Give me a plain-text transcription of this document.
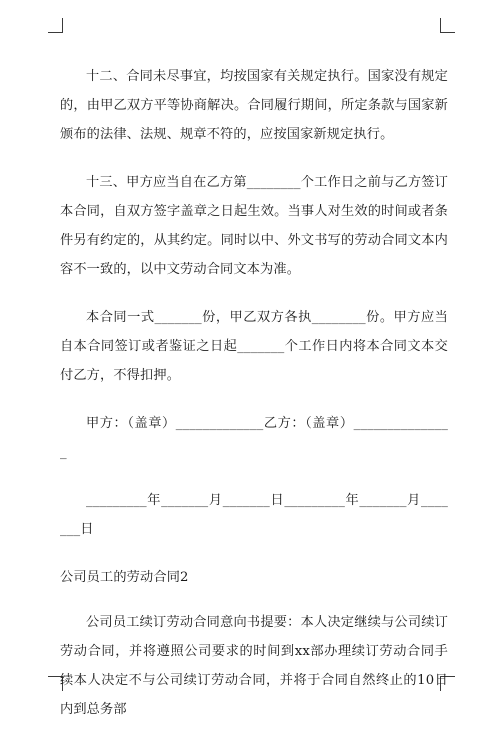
十二、合同未尽事宜，均按国家有关规定执行。国家没有规定的，由甲乙双方平等协商解决。合同履行期间，所定条款与国家新颁布的法律、法规、规章不符的，应按国家新规定执行。

十三、甲方应当自在乙方第________个工作日之前与乙方签订本合同，自双方签字盖章之日起生效。当事人对生效的时间或者条件另有约定的，从其约定。同时以中、外文书写的劳动合同文本内容不一致的，以中文劳动合同文本为准。

本合同一式_______份，甲乙双方各执________份。甲方应当自本合同签订或者鉴证之日起_______个工作日内将本合同文本交付乙方，不得扣押。

甲方：（盖章）_____________乙方：（盖章）_______________

_________年_______月_______日_________年_______月_______日

公司员工的劳动合同2

公司员工续订劳动合同意向书提要：本人决定继续与公司续订劳动合同，并将遵照公司要求的时间到xx部办理续订劳动合同手续本人决定不与公司续订劳动合同，并将于合同自然终止的10日内到总务部
